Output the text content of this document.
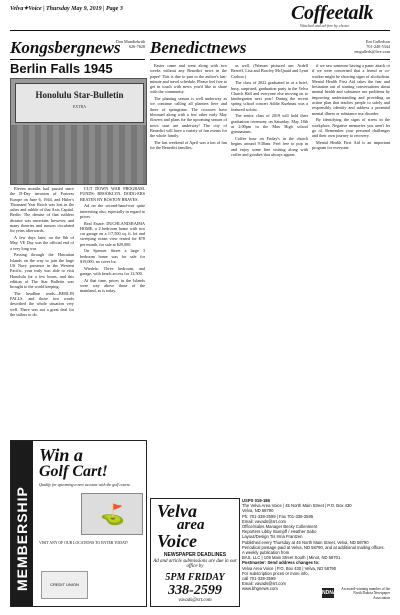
Velva✦Voice | Thursday May 9, 2019 | Page 3	Coffeetalk
Watched and ad-free by choice
Kongsbergnews
Don Mundiebrith
626-7628
Berlin Falls 1945
Honolulu Star-Bulletin
EXTRA

Eleven months had passed since the D-Day invasion of Fortress Europe on June 6, 1944, and Hitler's Thousand Year Reich was lost in the ashes and rubble of that Axis Capital. Berlin. The demise of that ruthless dictator was uncertain; however, and many theories and rumors circulated for years afterwards.

A few days later, on the 8th of May, VE Day was the official end of a very long war.

Passing through the Hawaiian Islands on the way to join the huge US Navy presence in the Western Pacific, your truly was able to visit Honolulu for a few hours, and this edition of The Star Bulletin was brought to the world keeping.

The headline reads—BERLIN FALLS, and those two words described the whole situation very well. There was not a great deal for the sailors to do.

CUT DOWN WAR PROGRAM. FUNDS: BROOKLYN. DODG-ERS BEATEN BY BOSTON BRAVES.

Ad on the second-hand-war quite interesting also, especially in regard to prices.

Real Estate: DUCHLAND/RAIMA HOME, a 2 bedroom home with two car garage on a 1/7,500 sq. ft. lot and sweeping ocean view rented for $70 per month, for sale at $29,000.

On Spencer Street a large 3 bedroom home was for sale for $19,000, no cover lot.

Wiedelz: Three bedroom, and garage, with beach access for 12,500.

At that time, prices in the Islands were way above those of the mainland, as is today.

MEMBERSHIP
Win a
Golf Cart!
Qualify for upcoming a new account with the golf course
⛳
VISIT ANY OF OUR LOCATIONS TO ENTER TODAY!
CREDIT UNION
Benedictnews	Em Gulledson
701-240-5344
emgulleds@live.com

Easter came and went along with two weeks without any Benedict news in the paper! This is due to part to the author's last-minute and travel schedule. Please feel free to get in touch with news you'd like to share with the community.

The planting season is well underway as we continue calling all planters here and there of springtime. The crocuses have bloomed along with a few other early May flowers and plans for the upcoming season of news start are underway! The city of Benedict will have a variety of fun events for the whole family.

The last weekend of April was a ton of fun for the Benedict families.

as well. (Women pictured are: Ardell Berreff, Lisa and Bowley McQuaid and Lynn Carlton.)

The class of 2022 graduated in at a brief, busy, surprised, graduation party in the Velva Church Hall and everyone else moving on to kindergarten next year! During the recent spring school concert Addie Kuehnau was a featured soloist.

The senior class of 2019 will hold their graduation ceremony on Saturday, May 18th at 2:00pm in the Max High school gymnasium.

Coffee hour on Friday's in the church begins around 9:30am. Feel free to pop in and enjoy some fine visiting along with coffee and goodies that always appear.

if we saw someone having a panic attack or if we were concerned that a friend or co-worker might be showing signs of alcoholism. Mental Health First Aid takes the fear and hesitation out of starting conversations about mental health and substance use problems by improving understanding and providing an action plan that teaches people to safely and responsibly identify and address a potential mental illness or substance use disorder.

By identifying the signs of stress in the workplace, Negative memories you aren't let go of. Remember your personal challenges and their own journey to recovery.

Mental Health First Aid is an important program for everyone.

Velva
area
Voice
NEWSPAPER DEADLINES
Ad and article submissions are due in our office by
5PM FRIDAY
338-2599
vavads@srt.com

USPS 019-186

The Velva Area Voice | 45 North Main Street | P.O. Box 430

Velva, ND 58790

Ph: 701-338-2599 | Fax 701-338-2595

Email: vavads@srt.com

Office/Sales Manager Becky Collenment

Reporters Libby Stumpff / Heather Sabo

Layout/Design Tis Irma Frantzen

Published every Thursday at 45 North Main Street, Velva, ND 58790

Periodical postage paid at Velva, ND 58790, and at additional mailing offices.

A weekly publication from

BAS, LLC | 109 Main Street South | Minot, ND 58701

Postmaster: Send address changes to:

Velva Area Voice | P.O. Box 430 | Velva, ND 58790

For subscription prices or more info,

call 701-338-2599

Email: vavads@srt.com

www.bhgnews.com

NDNA
An award-winning member of the North Dakota Newspaper Association
